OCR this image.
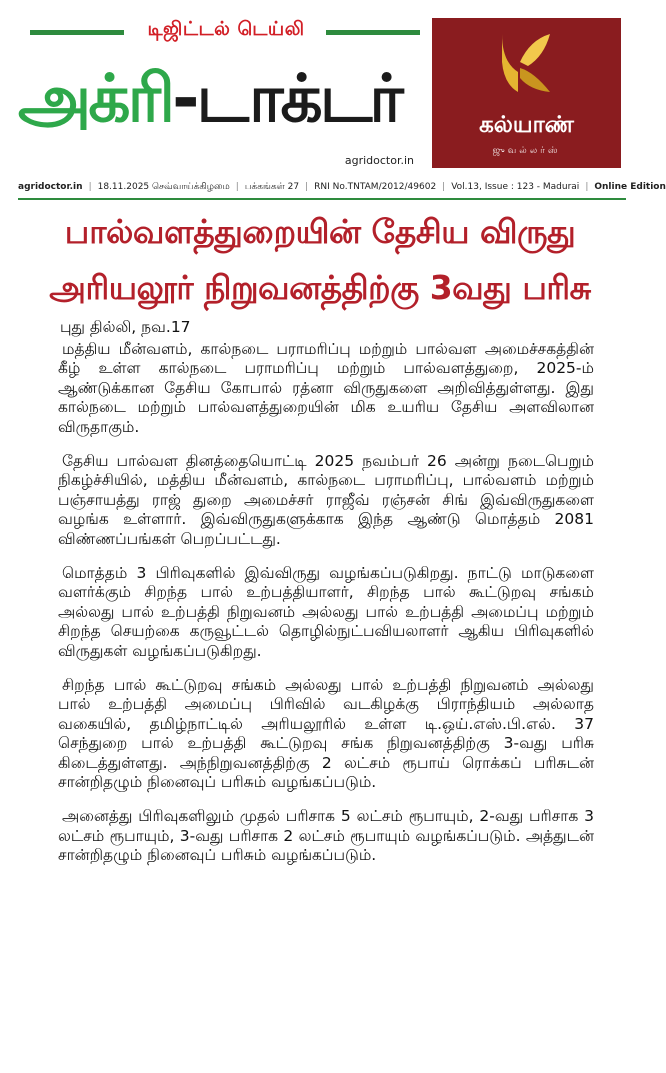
டிஜிட்டல் டெய்லி
அக்ரி-டாக்டர்
agridoctor.in
கல்யாண்
ஜுவல்லர்ஸ்
agridoctor.in | 18.11.2025 செவ்வாய்க்கிழமை | பக்கங்கள் 27 | RNI No.TNTAM/2012/49602 | Vol.13, Issue : 123 - Madurai | Online Edition
பால்வளத்துறையின் தேசிய விருது
அரியலூர் நிறுவனத்திற்கு 3வது பரிசு
புது தில்லி, நவ.17

மத்திய மீன்வளம், கால்நடை பராமரிப்பு மற்றும் பால்வள அமைச்சகத்தின் கீழ் உள்ள கால்நடை பராமரிப்பு மற்றும் பால்வளத்துறை, 2025-ம் ஆண்டுக்கான தேசிய கோபால் ரத்னா விருதுகளை அறிவித்துள்ளது. இது கால்நடை மற்றும் பால்வளத்துறையின் மிக உயரிய தேசிய அளவிலான விருதாகும்.

தேசிய பால்வள தினத்தையொட்டி 2025 நவம்பர் 26 அன்று நடைபெறும் நிகழ்ச்சியில், மத்திய மீன்வளம், கால்நடை பராமரிப்பு, பால்வளம் மற்றும் பஞ்சாயத்து ராஜ் துறை அமைச்சர் ராஜீவ் ரஞ்சன் சிங் இவ்விருதுகளை வழங்க உள்ளார். இவ்விருதுகளுக்காக இந்த ஆண்டு மொத்தம் 2081 விண்ணப்பங்கள் பெறப்பட்டது.

மொத்தம் 3 பிரிவுகளில் இவ்விருது வழங்கப்படுகிறது. நாட்டு மாடுகளை வளர்க்கும் சிறந்த பால் உற்பத்தியாளர், சிறந்த பால் கூட்டுறவு சங்கம் அல்லது பால் உற்பத்தி நிறுவனம் அல்லது பால் உற்பத்தி அமைப்பு மற்றும் சிறந்த செயற்கை கருவூட்டல் தொழில்நுட்பவியலாளர் ஆகிய பிரிவுகளில் விருதுகள் வழங்கப்படுகிறது.

சிறந்த பால் கூட்டுறவு சங்கம் அல்லது பால் உற்பத்தி நிறுவனம் அல்லது பால் உற்பத்தி அமைப்பு பிரிவில் வடகிழக்கு பிராந்தியம் அல்லாத வகையில், தமிழ்நாட்டில் அரியலூரில் உள்ள டி.ஒய்.எஸ்.பி.எல். 37 செந்துறை பால் உற்பத்தி கூட்டுறவு சங்க நிறுவனத்திற்கு 3-வது பரிசு கிடைத்துள்ளது. அந்நிறுவனத்திற்கு 2 லட்சம் ரூபாய் ரொக்கப் பரிசுடன் சான்றிதழும் நினைவுப் பரிசும் வழங்கப்படும்.

அனைத்து பிரிவுகளிலும் முதல் பரிசாக 5 லட்சம் ரூபாயும், 2-வது பரிசாக 3 லட்சம் ரூபாயும், 3-வது பரிசாக 2 லட்சம் ரூபாயும் வழங்கப்படும். அத்துடன் சான்றிதழும் நினைவுப் பரிசும் வழங்கப்படும்.
